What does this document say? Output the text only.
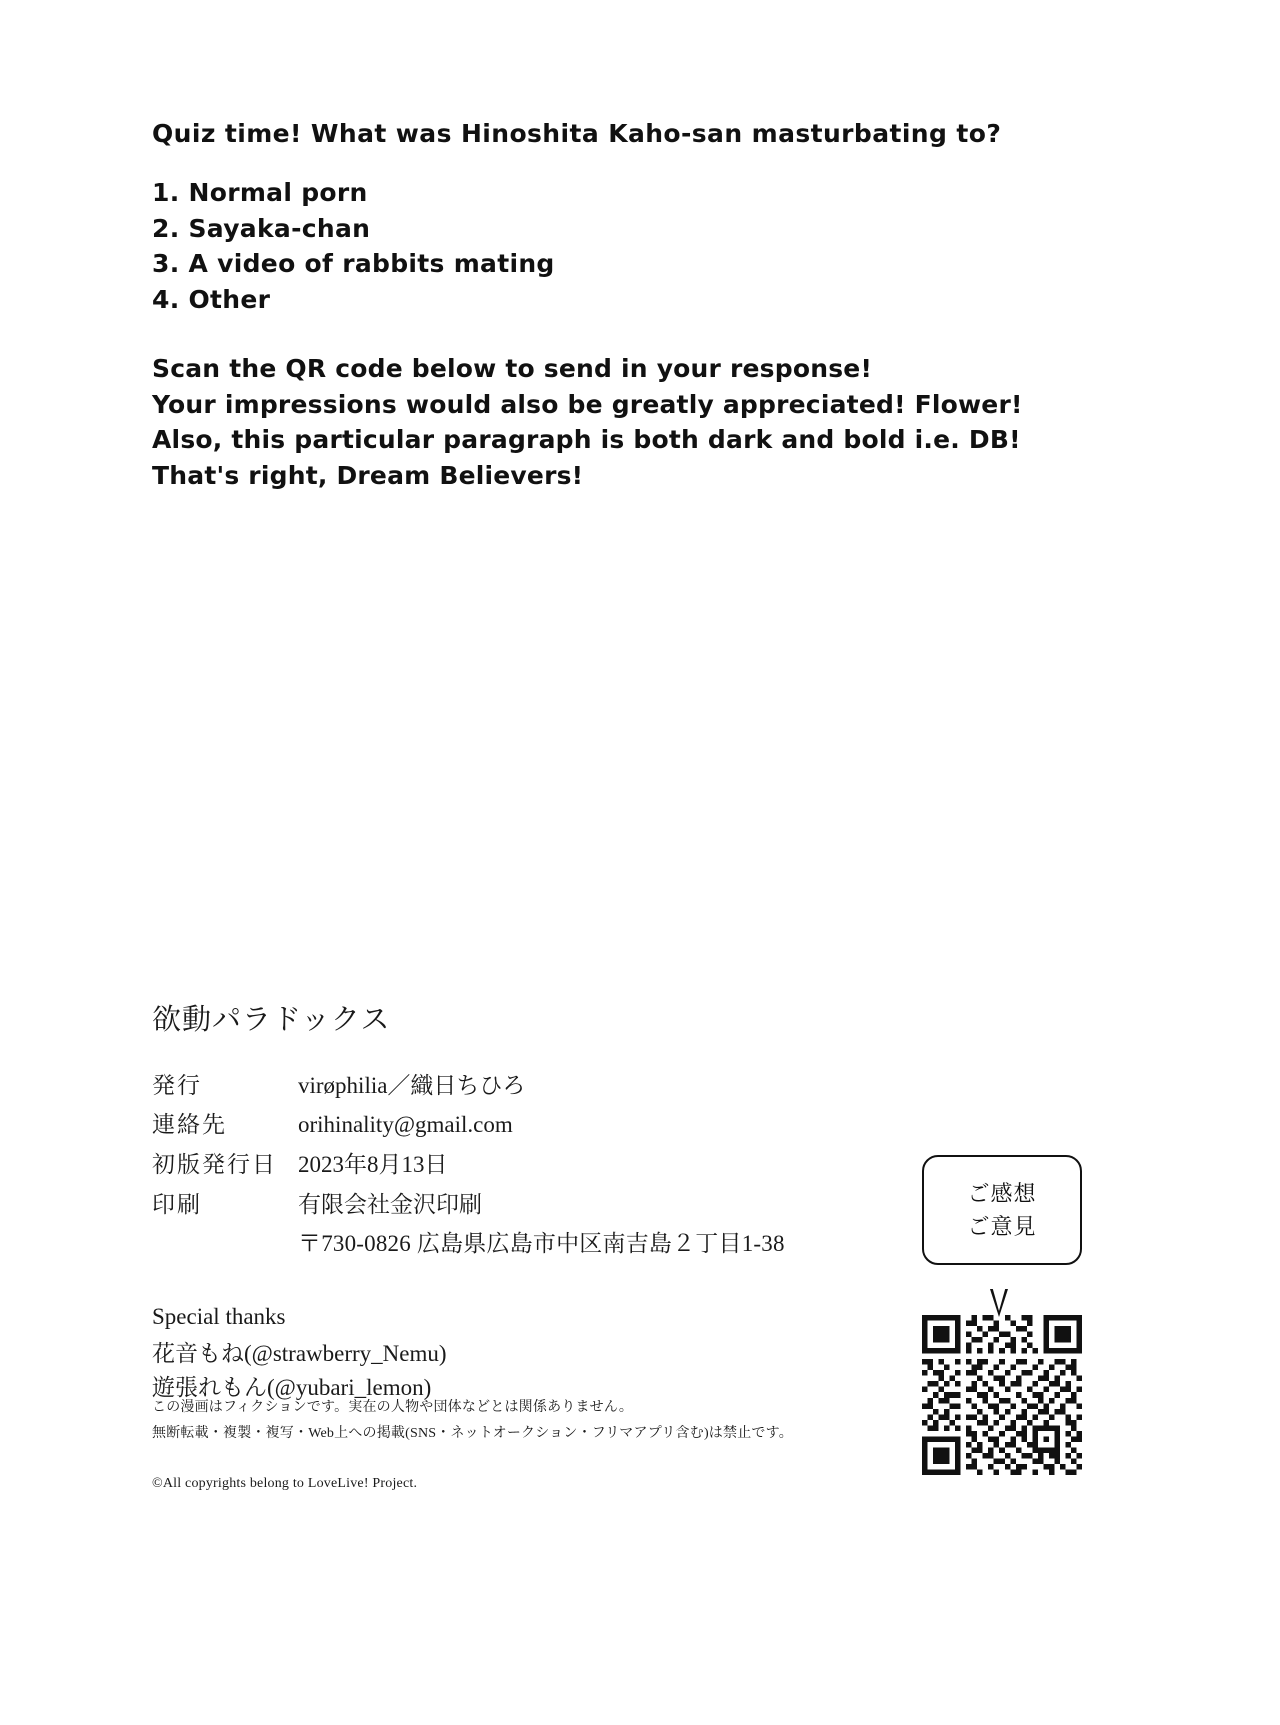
Quiz time! What was Hinoshita Kaho-san masturbating to?
1. Normal porn
2. Sayaka-chan
3. A video of rabbits mating
4. Other

Scan the QR code below to send in your response!

Your impressions would also be greatly appreciated! Flower!

Also, this particular paragraph is both dark and bold i.e. DB!

That's right, Dream Believers!

欲動パラドックス
発行	virøphilia／織日ちひろ
連絡先	orihinality@gmail.com
初版発行日	2023年8月13日
印刷	有限会社金沢印刷
	〒730-0826 広島県広島市中区南吉島２丁目1-38

Special thanks

花音もね(@strawberry_Nemu)

遊張れもん(@yubari_lemon)

この漫画はフィクションです。実在の人物や団体などとは関係ありません。

無断転載・複製・複写・Web上への掲載(SNS・ネットオークション・フリマアプリ含む)は禁止です。

©All copyrights belong to LoveLive! Project.

ご感想
ご意見
